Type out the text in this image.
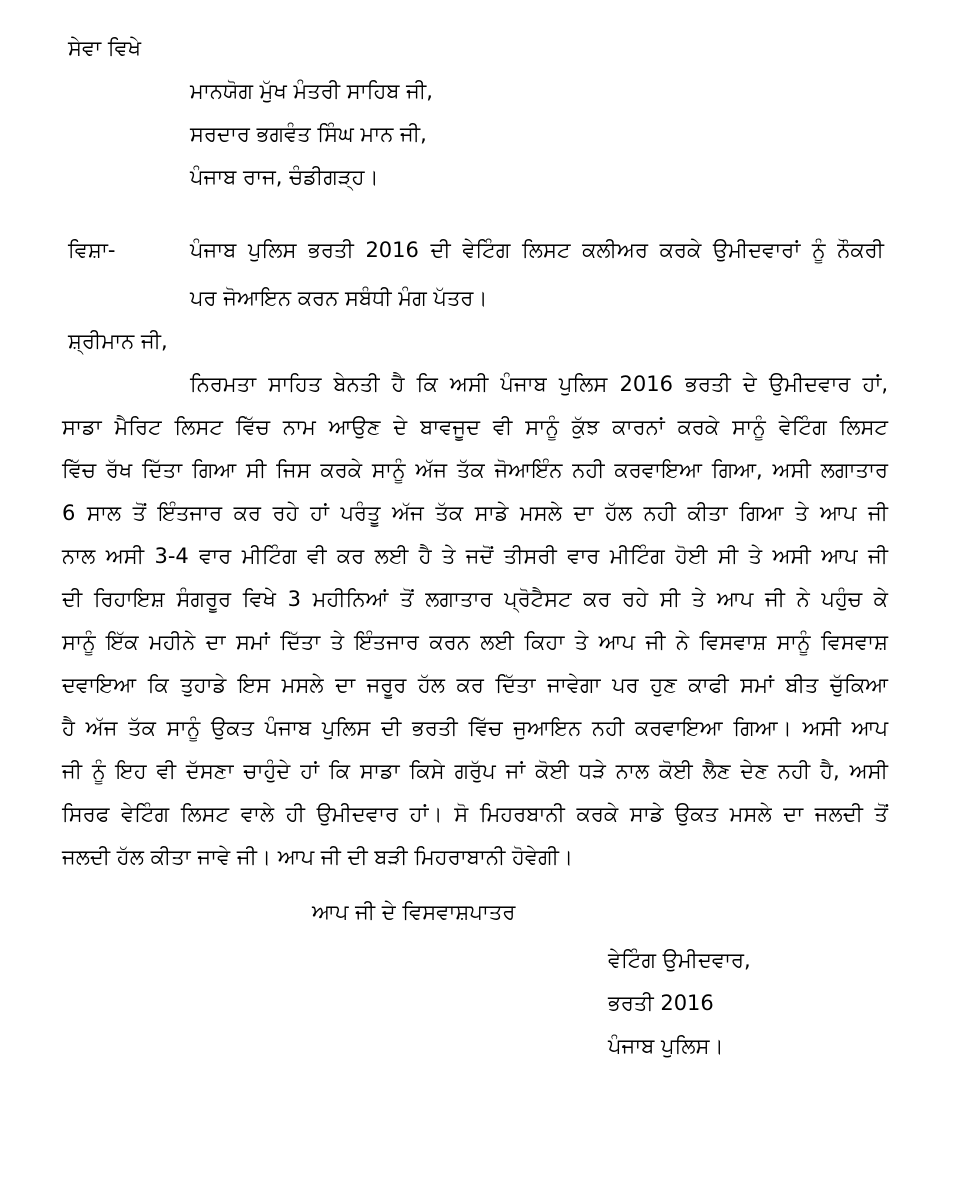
ਸੇਵਾ ਵਿਖੇ
ਮਾਨਯੋਗ ਮੁੱਖ ਮੰਤਰੀ ਸਾਹਿਬ ਜੀ,
ਸਰਦਾਰ ਭਗਵੰਤ ਸਿੰਘ ਮਾਨ ਜੀ,
ਪੰਜਾਬ ਰਾਜ, ਚੰਡੀਗੜ੍ਹ।
ਵਿਸ਼ਾ-	ਪੰਜਾਬ ਪੁਲਿਸ ਭਰਤੀ 2016 ਦੀ ਵੇਟਿੰਗ ਲਿਸਟ ਕਲੀਅਰ ਕਰਕੇ ਉਮੀਦਵਾਰਾਂ ਨੂੰ ਨੌਕਰੀ
ਪਰ ਜੋਆਇਨ ਕਰਨ ਸਬੰਧੀ ਮੰਗ ਪੱਤਰ।
ਸ਼੍ਰੀਮਾਨ ਜੀ,
ਨਿਰਮਤਾ ਸਾਹਿਤ ਬੇਨਤੀ ਹੈ ਕਿ ਅਸੀ ਪੰਜਾਬ ਪੁਲਿਸ 2016 ਭਰਤੀ ਦੇ ਉਮੀਦਵਾਰ ਹਾਂ,
ਸਾਡਾ ਮੈਰਿਟ ਲਿਸਟ ਵਿੱਚ ਨਾਮ ਆਉਣ ਦੇ ਬਾਵਜੂਦ ਵੀ ਸਾਨੂੰ ਕੁੱਝ ਕਾਰਨਾਂ ਕਰਕੇ ਸਾਨੂੰ ਵੇਟਿੰਗ ਲਿਸਟ
ਵਿੱਚ ਰੱਖ ਦਿੱਤਾ ਗਿਆ ਸੀ ਜਿਸ ਕਰਕੇ ਸਾਨੂੰ ਅੱਜ ਤੱਕ ਜੋਆਇੰਨ ਨਹੀ ਕਰਵਾਇਆ ਗਿਆ, ਅਸੀ ਲਗਾਤਾਰ
6 ਸਾਲ ਤੋਂ ਇੰਤਜਾਰ ਕਰ ਰਹੇ ਹਾਂ ਪਰੰਤੂ ਅੱਜ ਤੱਕ ਸਾਡੇ ਮਸਲੇ ਦਾ ਹੱਲ ਨਹੀ ਕੀਤਾ ਗਿਆ ਤੇ ਆਪ ਜੀ
ਨਾਲ ਅਸੀ 3-4 ਵਾਰ ਮੀਟਿੰਗ ਵੀ ਕਰ ਲਈ ਹੈ ਤੇ ਜਦੋਂ ਤੀਸਰੀ ਵਾਰ ਮੀਟਿੰਗ ਹੋਈ ਸੀ ਤੇ ਅਸੀ ਆਪ ਜੀ
ਦੀ ਰਿਹਾਇਸ਼ ਸੰਗਰੂਰ ਵਿਖੇ 3 ਮਹੀਨਿਆਂ ਤੋਂ ਲਗਾਤਾਰ ਪ੍ਰੋਟੈਸਟ ਕਰ ਰਹੇ ਸੀ ਤੇ ਆਪ ਜੀ ਨੇ ਪਹੁੰਚ ਕੇ
ਸਾਨੂੰ ਇੱਕ ਮਹੀਨੇ ਦਾ ਸਮਾਂ ਦਿੱਤਾ ਤੇ ਇੰਤਜਾਰ ਕਰਨ ਲਈ ਕਿਹਾ ਤੇ ਆਪ ਜੀ ਨੇ ਵਿਸਵਾਸ਼ ਸਾਨੂੰ ਵਿਸਵਾਸ਼
ਦਵਾਇਆ ਕਿ ਤੁਹਾਡੇ ਇਸ ਮਸਲੇ ਦਾ ਜਰੂਰ ਹੱਲ ਕਰ ਦਿੱਤਾ ਜਾਵੇਗਾ ਪਰ ਹੁਣ ਕਾਫੀ ਸਮਾਂ ਬੀਤ ਚੁੱਕਿਆ
ਹੈ ਅੱਜ ਤੱਕ ਸਾਨੂੰ ਉਕਤ ਪੰਜਾਬ ਪੁਲਿਸ ਦੀ ਭਰਤੀ ਵਿੱਚ ਜੁਆਇਨ ਨਹੀ ਕਰਵਾਇਆ ਗਿਆ। ਅਸੀ ਆਪ
ਜੀ ਨੂੰ ਇਹ ਵੀ ਦੱਸਣਾ ਚਾਹੁੰਦੇ ਹਾਂ ਕਿ ਸਾਡਾ ਕਿਸੇ ਗਰੁੱਪ ਜਾਂ ਕੋਈ ਧੜੇ ਨਾਲ ਕੋਈ ਲੈਣ ਦੇਣ ਨਹੀ ਹੈ, ਅਸੀ
ਸਿਰਫ ਵੇਟਿੰਗ ਲਿਸਟ ਵਾਲੇ ਹੀ ਉਮੀਦਵਾਰ ਹਾਂ। ਸੋ ਮਿਹਰਬਾਨੀ ਕਰਕੇ ਸਾਡੇ ਉਕਤ ਮਸਲੇ ਦਾ ਜਲਦੀ ਤੋਂ
ਜਲਦੀ ਹੱਲ ਕੀਤਾ ਜਾਵੇ ਜੀ। ਆਪ ਜੀ ਦੀ ਬੜੀ ਮਿਹਰਾਬਾਨੀ ਹੋਵੇਗੀ।
ਆਪ ਜੀ ਦੇ ਵਿਸਵਾਸ਼ਪਾਤਰ
ਵੇਟਿੰਗ ਉਮੀਦਵਾਰ,
ਭਰਤੀ 2016
ਪੰਜਾਬ ਪੁਲਿਸ।
